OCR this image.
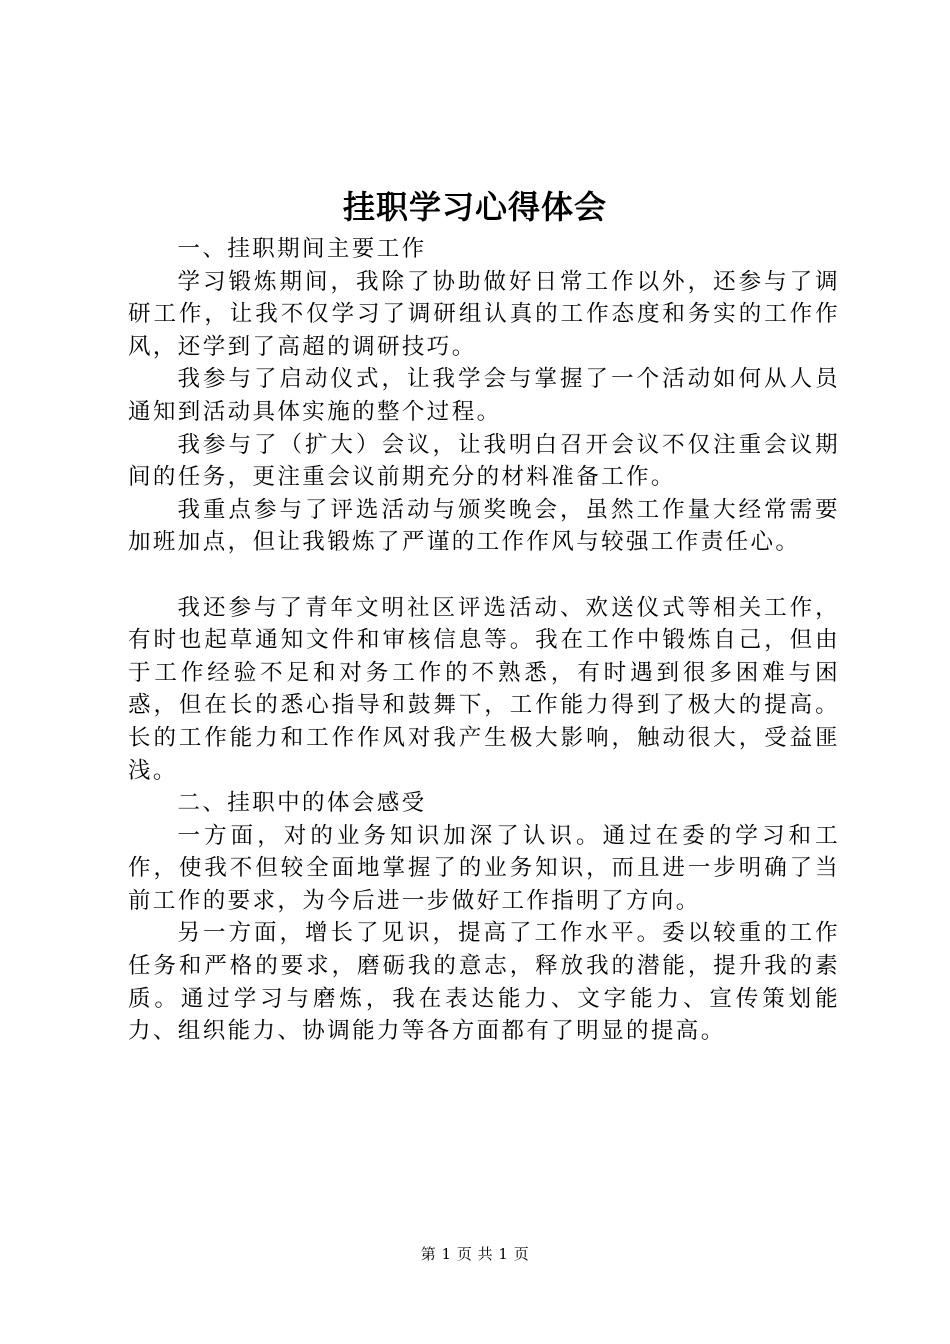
挂职学习心得体会

一、挂职期间主要工作

学习锻炼期间，我除了协助做好日常工作以外，还参与了调研工作，让我不仅学习了调研组认真的工作态度和务实的工作作风，还学到了高超的调研技巧。

我参与了启动仪式，让我学会与掌握了一个活动如何从人员通知到活动具体实施的整个过程。

我参与了（扩大）会议，让我明白召开会议不仅注重会议期间的任务，更注重会议前期充分的材料准备工作。

我重点参与了评选活动与颁奖晚会，虽然工作量大经常需要加班加点，但让我锻炼了严谨的工作作风与较强工作责任心。

我还参与了青年文明社区评选活动、欢送仪式等相关工作，有时也起草通知文件和审核信息等。我在工作中锻炼自己，但由于工作经验不足和对务工作的不熟悉，有时遇到很多困难与困惑，但在长的悉心指导和鼓舞下，工作能力得到了极大的提高。长的工作能力和工作作风对我产生极大影响，触动很大，受益匪浅。

二、挂职中的体会感受

一方面，对的业务知识加深了认识。通过在委的学习和工作，使我不但较全面地掌握了的业务知识，而且进一步明确了当前工作的要求，为今后进一步做好工作指明了方向。

另一方面，增长了见识，提高了工作水平。委以较重的工作任务和严格的要求，磨砺我的意志，释放我的潜能，提升我的素质。通过学习与磨炼，我在表达能力、文字能力、宣传策划能力、组织能力、协调能力等各方面都有了明显的提高。

第 1 页 共 1 页
